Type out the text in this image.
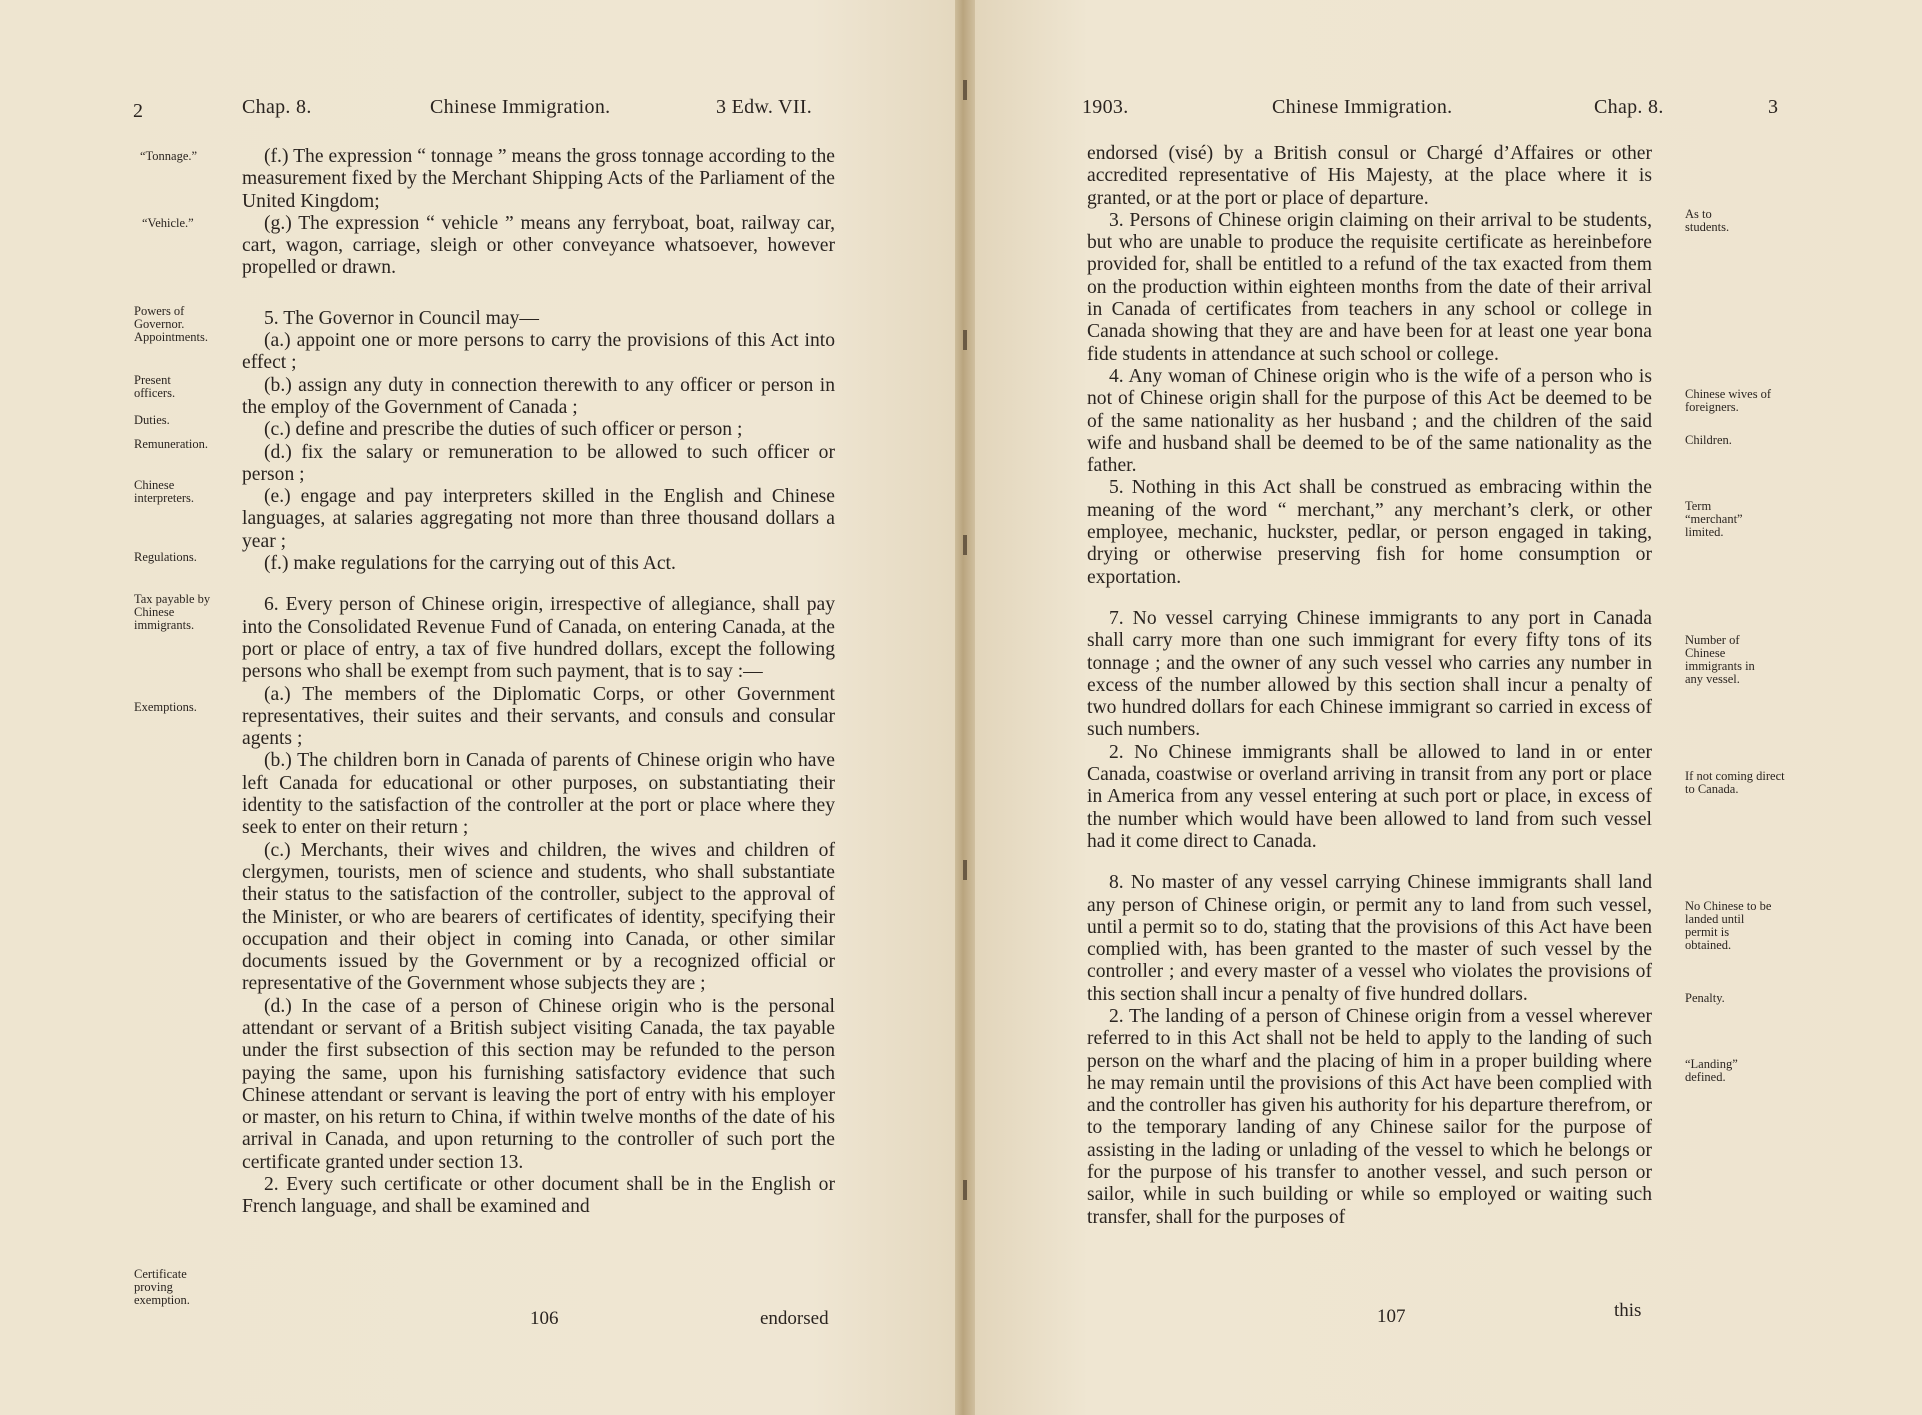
2	Chap. 8.	Chinese Immigration.	3 Edw. VII.
“Tonnage.”
“Vehicle.”
Powers of Governor. Appointments.
Present officers.
Duties.
Remuneration.
Chinese interpreters.
Regulations.
Tax payable by Chinese immigrants.
Exemptions.
Certificate proving exemption.

(f.) The expression “ tonnage ” means the gross tonnage according to the measurement fixed by the Merchant Shipping Acts of the Parliament of the United Kingdom;

(g.) The expression “ vehicle ” means any ferryboat, boat, railway car, cart, wagon, carriage, sleigh or other conveyance whatsoever, however propelled or drawn.

5. The Governor in Council may—

(a.) appoint one or more persons to carry the provisions of this Act into effect ;

(b.) assign any duty in connection therewith to any officer or person in the employ of the Government of Canada ;

(c.) define and prescribe the duties of such officer or person ;

(d.) fix the salary or remuneration to be allowed to such officer or person ;

(e.) engage and pay interpreters skilled in the English and Chinese languages, at salaries aggregating not more than three thousand dollars a year ;

(f.) make regulations for the carrying out of this Act.

6. Every person of Chinese origin, irrespective of allegiance, shall pay into the Consolidated Revenue Fund of Canada, on entering Canada, at the port or place of entry, a tax of five hundred dollars, except the following persons who shall be exempt from such payment, that is to say :—

(a.) The members of the Diplomatic Corps, or other Government representatives, their suites and their servants, and consuls and consular agents ;

(b.) The children born in Canada of parents of Chinese origin who have left Canada for educational or other purposes, on substantiating their identity to the satisfaction of the controller at the port or place where they seek to enter on their return ;

(c.) Merchants, their wives and children, the wives and children of clergymen, tourists, men of science and students, who shall substantiate their status to the satisfaction of the controller, subject to the approval of the Minister, or who are bearers of certificates of identity, specifying their occupation and their object in coming into Canada, or other similar documents issued by the Government or by a recognized official or representative of the Government whose subjects they are ;

(d.) In the case of a person of Chinese origin who is the personal attendant or servant of a British subject visiting Canada, the tax payable under the first subsection of this section may be refunded to the person paying the same, upon his furnishing satisfactory evidence that such Chinese attendant or servant is leaving the port of entry with his employer or master, on his return to China, if within twelve months of the date of his arrival in Canada, and upon returning to the controller of such port the certificate granted under section 13.

2. Every such certificate or other document shall be in the English or French language, and shall be examined and

106	endorsed
1903.	Chinese Immigration.	Chap. 8.	3

endorsed (visé) by a British consul or Chargé d’Affaires or other accredited representative of His Majesty, at the place where it is granted, or at the port or place of departure.

3. Persons of Chinese origin claiming on their arrival to be students, but who are unable to produce the requisite certificate as hereinbefore provided for, shall be entitled to a refund of the tax exacted from them on the production within eighteen months from the date of their arrival in Canada of certificates from teachers in any school or college in Canada showing that they are and have been for at least one year bona fide students in attendance at such school or college.

4. Any woman of Chinese origin who is the wife of a person who is not of Chinese origin shall for the purpose of this Act be deemed to be of the same nationality as her husband ; and the children of the said wife and husband shall be deemed to be of the same nationality as the father.

5. Nothing in this Act shall be construed as embracing within the meaning of the word “ merchant,” any merchant’s clerk, or other employee, mechanic, huckster, pedlar, or person engaged in taking, drying or otherwise preserving fish for home consumption or exportation.

7. No vessel carrying Chinese immigrants to any port in Canada shall carry more than one such immigrant for every fifty tons of its tonnage ; and the owner of any such vessel who carries any number in excess of the number allowed by this section shall incur a penalty of two hundred dollars for each Chinese immigrant so carried in excess of such numbers.

2. No Chinese immigrants shall be allowed to land in or enter Canada, coastwise or overland arriving in transit from any port or place in America from any vessel entering at such port or place, in excess of the number which would have been allowed to land from such vessel had it come direct to Canada.

8. No master of any vessel carrying Chinese immigrants shall land any person of Chinese origin, or permit any to land from such vessel, until a permit so to do, stating that the provisions of this Act have been complied with, has been granted to the master of such vessel by the controller ; and every master of a vessel who violates the provisions of this section shall incur a penalty of five hundred dollars.

2. The landing of a person of Chinese origin from a vessel wherever referred to in this Act shall not be held to apply to the landing of such person on the wharf and the placing of him in a proper building where he may remain until the provisions of this Act have been complied with and the controller has given his authority for his departure therefrom, or to the temporary landing of any Chinese sailor for the purpose of assisting in the lading or unlading of the vessel to which he belongs or for the purpose of his transfer to another vessel, and such person or sailor, while in such building or while so employed or waiting such transfer, shall for the purposes of

As to students.
Chinese wives of foreigners.
Children.
Term “merchant” limited.
Number of Chinese immigrants in any vessel.
If not coming direct to Canada.
No Chinese to be landed until permit is obtained.
Penalty.
“Landing” defined.
107	this
